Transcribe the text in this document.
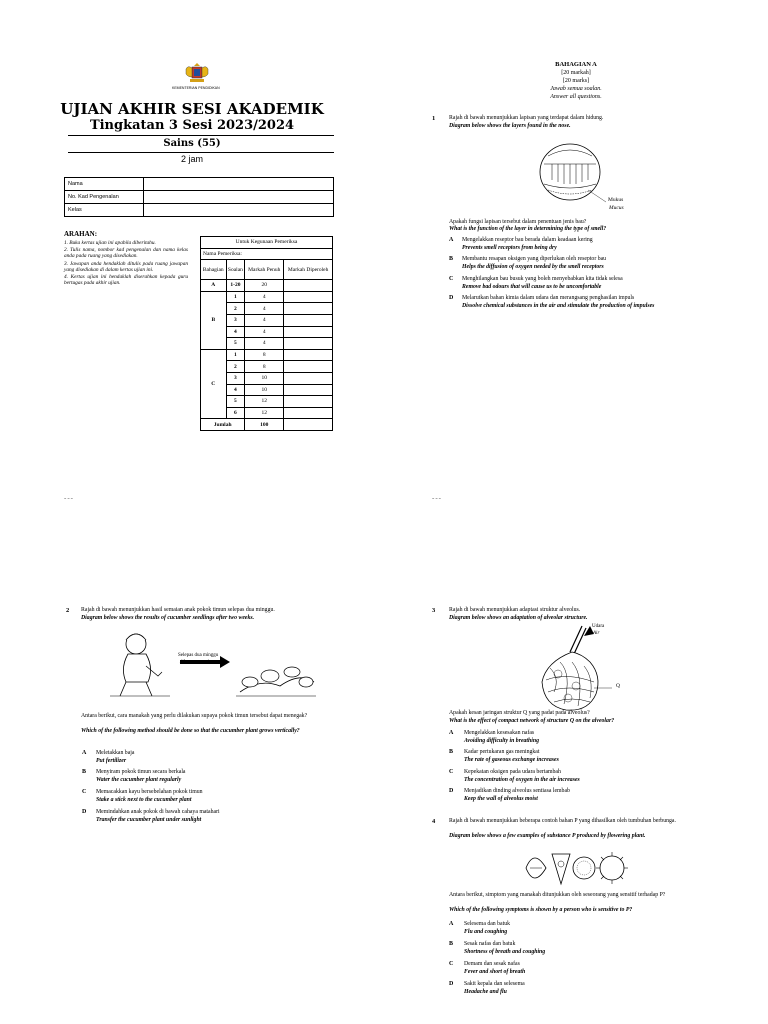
KEMENTERIAN PENDIDIKAN
UJIAN AKHIR SESI AKADEMIK
Tingkatan 3 Sesi 2023/2024
Sains (55)
2 jam
Nama	
No. Kad Pengenalan	
Kelas	
ARAHAN:
1. Buka kertas ujian ini apabila diberitahu.
2. Tulis nama, nombor kad pengenalan dan nama kelas anda pada ruang yang disediakan.
3. Jawapan anda hendaklah ditulis pada ruang jawapan yang disediakan di dalam kertas ujian ini.
4. Kertas ujian ini hendaklah diserahkan kepada guru bertugas pada akhir ujian.
Untuk Kegunaan Pemeriksa			
Nama Pemeriksa:			
Bahagian	Soalan	Markah Penuh	Markah Diperoleh
A	1-20	20	
B	1	4	
	2	4	
	3	4	
	4	4	
	5	4	
C	1	8	
	2	8	
	3	10	
	4	10	
	5	12	
	6	12	
Jumlah		100	
---
BAHAGIAN A
[20 markah]
[20 marks]
Jawab semua soalan.
Answer all questions.
1 Rajah di bawah menunjukkan lapisan yang terdapat dalam hidung.
Diagram below shows the layers found in the nose.
Mukus
Mucus
Apakah fungsi lapisan tersebut dalam penentuan jenis bau?
What is the function of the layer in determining the type of smell?
A Mengelakkan reseptor bau berada dalam keadaan kering
Prevents smell receptors from being dry
B Membantu resapan oksigen yang diperlukan oleh reseptor bau
Helps the diffusion of oxygen needed by the smell receptors
C Menghilangkan bau busuk yang boleh menyebabkan kita tidak selesa
Remove bad odours that will cause us to be uncomfortable
D Melarutkan bahan kimia dalam udara dan merangsang penghasilan impuls
Dissolve chemical substances in the air and stimulate the production of impulses
---
2 Rajah di bawah menunjukkan hasil semaian anak pokok timun selepas dua minggu.
Diagram below shows the results of cucumber seedlings after two weeks.
Selepas dua minggu
After two weeks
Antara berikut, cara manakah yang perlu dilakukan supaya pokok timun tersebut dapat menegak?
Which of the following method should be done so that the cucumber plant grows vertically?
A Meletakkan baja
Put fertilizer
B Menyiram pokok timun secara berkala
Water the cucumber plant regularly
C Memacakkan kayu bersebelahan pokok timun
Stake a stick next to the cucumber plant
D Memindahkan anak pokok di bawah cahaya matahari
Transfer the cucumber plant under sunlight
3 Rajah di bawah menunjukkan adaptasi struktur alveolus.
Diagram below shows an adaptation of alveolar structure.
Udara
Air
Q
Apakah kesan jaringan struktur Q yang padat pada alveolus?
What is the effect of compact network of structure Q on the alveolar?
A Mengelakkan kesesakan nafas
Avoiding difficulty in breathing
B Kadar pertukaran gas meningkat
The rate of gaseous exchange increases
C Kepekatan oksigen pada udara bertambah
The concentration of oxygen in the air increases
D Menjadikan dinding alveolus sentiasa lembab
Keep the wall of alveolus moist
4 Rajah di bawah menunjukkan beberapa contoh bahan P yang dihasilkan oleh tumbuhan berbunga.
Diagram below shows a few examples of substance P produced by flowering plant.
Antara berikut, simptom yang manakah ditunjukkan oleh seseorang yang sensitif terhadap P?
Which of the following symptoms is shown by a person who is sensitive to P?
A Selesema dan batuk
Flu and coughing
B Sesak nafas dan batuk
Shortness of breath and coughing
C Demam dan sesak nafas
Fever and short of breath
D Sakit kepala dan selesema
Headache and flu
